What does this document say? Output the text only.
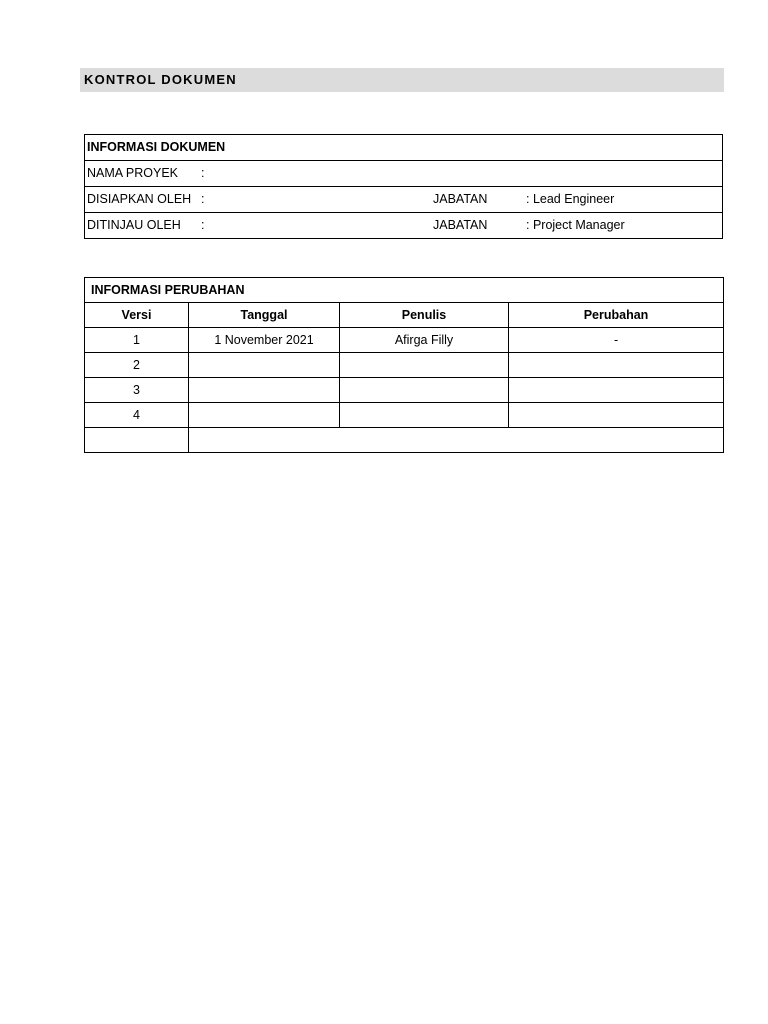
KONTROL DOKUMEN
INFORMASI DOKUMEN

NAMA PROYEK :

DISIAPKAN OLEH :	JABATAN	: Lead Engineer

DITINJAU OLEH :	JABATAN	: Project Manager
INFORMASI PERUBAHAN			
Versi	Tanggal	Penulis	Perubahan
1	1 November 2021	Afirga Filly	-
2			
3			
4			
